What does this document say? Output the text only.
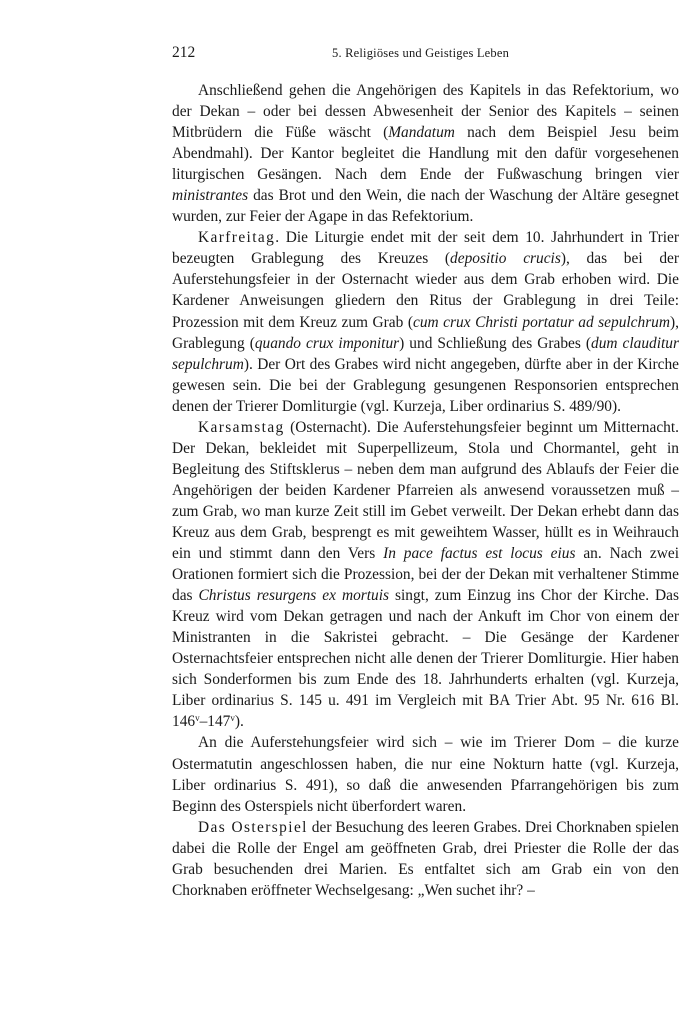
212	5. Religiöses und Geistiges Leben

Anschließend gehen die Angehörigen des Kapitels in das Refektorium, wo der Dekan – oder bei dessen Abwesenheit der Senior des Kapitels – seinen Mitbrüdern die Füße wäscht (Mandatum nach dem Beispiel Jesu beim Abendmahl). Der Kantor begleitet die Handlung mit den dafür vorgesehenen liturgischen Gesängen. Nach dem Ende der Fußwaschung bringen vier ministrantes das Brot und den Wein, die nach der Waschung der Altäre gesegnet wurden, zur Feier der Agape in das Refektorium.

Karfreitag. Die Liturgie endet mit der seit dem 10. Jahrhundert in Trier bezeugten Grablegung des Kreuzes (depositio crucis), das bei der Auferstehungsfeier in der Osternacht wieder aus dem Grab erhoben wird. Die Kardener Anweisungen gliedern den Ritus der Grablegung in drei Teile: Prozession mit dem Kreuz zum Grab (cum crux Christi portatur ad sepulchrum), Grablegung (quando crux imponitur) und Schließung des Grabes (dum clauditur sepulchrum). Der Ort des Grabes wird nicht angegeben, dürfte aber in der Kirche gewesen sein. Die bei der Grablegung gesungenen Responsorien entsprechen denen der Trierer Domliturgie (vgl. Kurzeja, Liber ordinarius S. 489/90).

Karsamstag (Osternacht). Die Auferstehungsfeier beginnt um Mitternacht. Der Dekan, bekleidet mit Superpellizeum, Stola und Chormantel, geht in Begleitung des Stiftsklerus – neben dem man aufgrund des Ablaufs der Feier die Angehörigen der beiden Kardener Pfarreien als anwesend voraussetzen muß – zum Grab, wo man kurze Zeit still im Gebet verweilt. Der Dekan erhebt dann das Kreuz aus dem Grab, besprengt es mit geweihtem Wasser, hüllt es in Weihrauch ein und stimmt dann den Vers In pace factus est locus eius an. Nach zwei Orationen formiert sich die Prozession, bei der der Dekan mit verhaltener Stimme das Christus resurgens ex mortuis singt, zum Einzug ins Chor der Kirche. Das Kreuz wird vom Dekan getragen und nach der Ankuft im Chor von einem der Ministranten in die Sakristei gebracht. – Die Gesänge der Kardener Osternachtsfeier entsprechen nicht alle denen der Trierer Domliturgie. Hier haben sich Sonderformen bis zum Ende des 18. Jahrhunderts erhalten (vgl. Kurzeja, Liber ordinarius S. 145 u. 491 im Vergleich mit BA Trier Abt. 95 Nr. 616 Bl. 146$^v$–147$^v$).

An die Auferstehungsfeier wird sich – wie im Trierer Dom – die kurze Ostermatutin angeschlossen haben, die nur eine Nokturn hatte (vgl. Kurzeja, Liber ordinarius S. 491), so daß die anwesenden Pfarrangehörigen bis zum Beginn des Osterspiels nicht überfordert waren.

Das Osterspiel der Besuchung des leeren Grabes. Drei Chorknaben spielen dabei die Rolle der Engel am geöffneten Grab, drei Priester die Rolle der das Grab besuchenden drei Marien. Es entfaltet sich am Grab ein von den Chorknaben eröffneter Wechselgesang: „Wen suchet ihr? –
